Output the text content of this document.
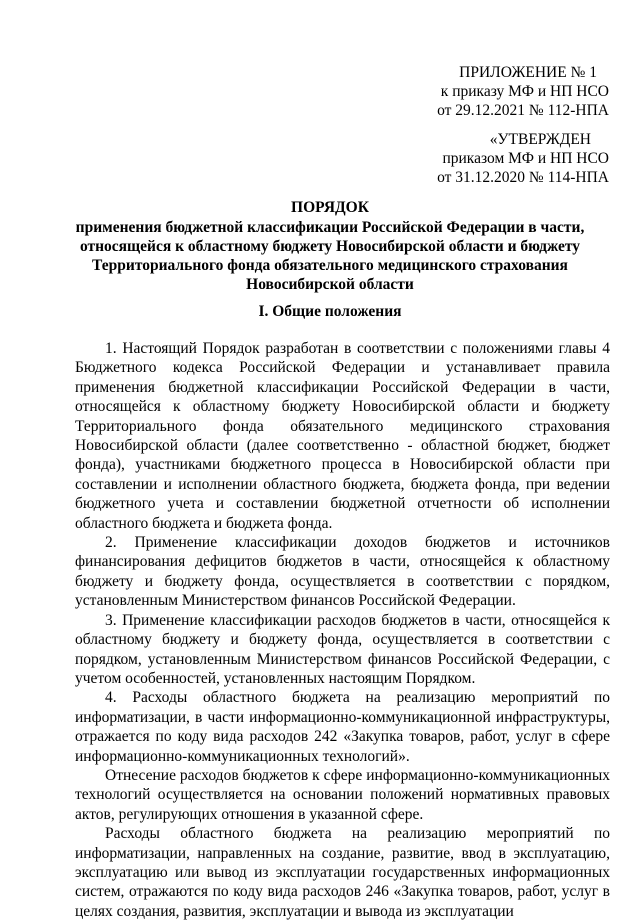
ПРИЛОЖЕНИЕ № 1
к приказу МФ и НП НСО
от 29.12.2021 № 112-НПА
«УТВЕРЖДЕН
приказом МФ и НП НСО
от 31.12.2020 № 114-НПА
ПОРЯДОК
применения бюджетной классификации Российской Федерации в части,
относящейся к областному бюджету Новосибирской области и бюджету
Территориального фонда обязательного медицинского страхования
Новосибирской области
I. Общие положения

1. Настоящий Порядок разработан в соответствии с положениями главы 4 Бюджетного кодекса Российской Федерации и устанавливает правила применения бюджетной классификации Российской Федерации в части, относящейся к областному бюджету Новосибирской области и бюджету Территориального фонда обязательного медицинского страхования Новосибирской области (далее соответственно - областной бюджет, бюджет фонда), участниками бюджетного процесса в Новосибирской области при составлении и исполнении областного бюджета, бюджета фонда, при ведении бюджетного учета и составлении бюджетной отчетности об исполнении областного бюджета и бюджета фонда.

2. Применение классификации доходов бюджетов и источников финансирования дефицитов бюджетов в части, относящейся к областному бюджету и бюджету фонда, осуществляется в соответствии с порядком, установленным Министерством финансов Российской Федерации.

3. Применение классификации расходов бюджетов в части, относящейся к областному бюджету и бюджету фонда, осуществляется в соответствии с порядком, установленным Министерством финансов Российской Федерации, с учетом особенностей, установленных настоящим Порядком.

4. Расходы областного бюджета на реализацию мероприятий по информатизации, в части информационно-коммуникационной инфраструктуры, отражается по коду вида расходов 242 «Закупка товаров, работ, услуг в сфере информационно-коммуникационных технологий».

Отнесение расходов бюджетов к сфере информационно-коммуникационных технологий осуществляется на основании положений нормативных правовых актов, регулирующих отношения в указанной сфере.

Расходы областного бюджета на реализацию мероприятий по информатизации, направленных на создание, развитие, ввод в эксплуатацию, эксплуатацию или вывод из эксплуатации государственных информационных систем, отражаются по коду вида расходов 246 «Закупка товаров, работ, услуг в целях создания, развития, эксплуатации и вывода из эксплуатации
